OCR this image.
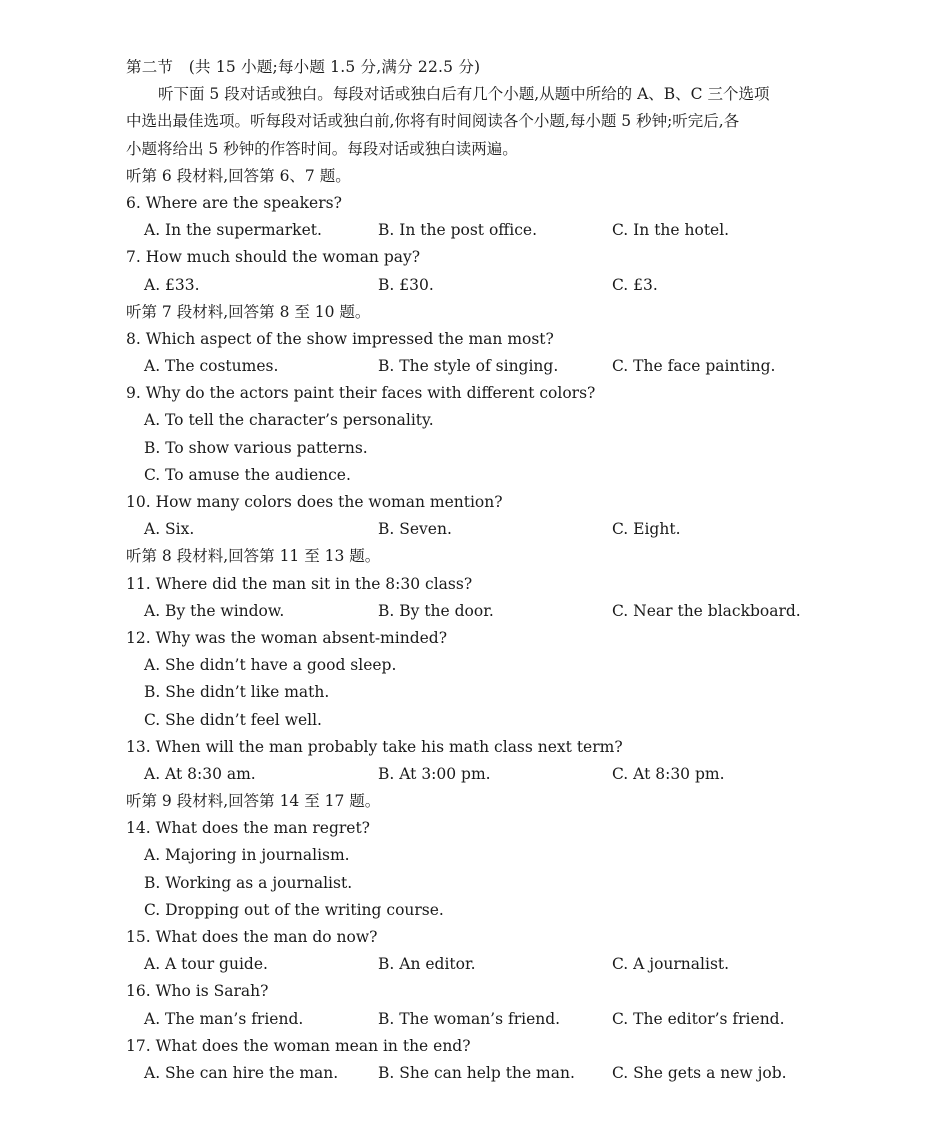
第二节　(共 15 小题;每小题 1.5 分,满分 22.5 分)
听下面 5 段对话或独白。每段对话或独白后有几个小题,从题中所给的 A、B、C 三个选项
中选出最佳选项。听每段对话或独白前,你将有时间阅读各个小题,每小题 5 秒钟;听完后,各
小题将给出 5 秒钟的作答时间。每段对话或独白读两遍。
听第 6 段材料,回答第 6、7 题。
6. Where are the speakers?
A. In the supermarket.	B. In the post office.	C. In the hotel.
7. How much should the woman pay?
A. £33.	B. £30.	C. £3.
听第 7 段材料,回答第 8 至 10 题。
8. Which aspect of the show impressed the man most?
A. The costumes.	B. The style of singing.	C. The face painting.
9. Why do the actors paint their faces with different colors?
A. To tell the character’s personality.
B. To show various patterns.
C. To amuse the audience.
10. How many colors does the woman mention?
A. Six.	B. Seven.	C. Eight.
听第 8 段材料,回答第 11 至 13 题。
11. Where did the man sit in the 8:30 class?
A. By the window.	B. By the door.	C. Near the blackboard.
12. Why was the woman absent-minded?
A. She didn’t have a good sleep.
B. She didn’t like math.
C. She didn’t feel well.
13. When will the man probably take his math class next term?
A. At 8:30 am.	B. At 3:00 pm.	C. At 8:30 pm.
听第 9 段材料,回答第 14 至 17 题。
14. What does the man regret?
A. Majoring in journalism.
B. Working as a journalist.
C. Dropping out of the writing course.
15. What does the man do now?
A. A tour guide.	B. An editor.	C. A journalist.
16. Who is Sarah?
A. The man’s friend.	B. The woman’s friend.	C. The editor’s friend.
17. What does the woman mean in the end?
A. She can hire the man.	B. She can help the man. C. She gets a new job.
